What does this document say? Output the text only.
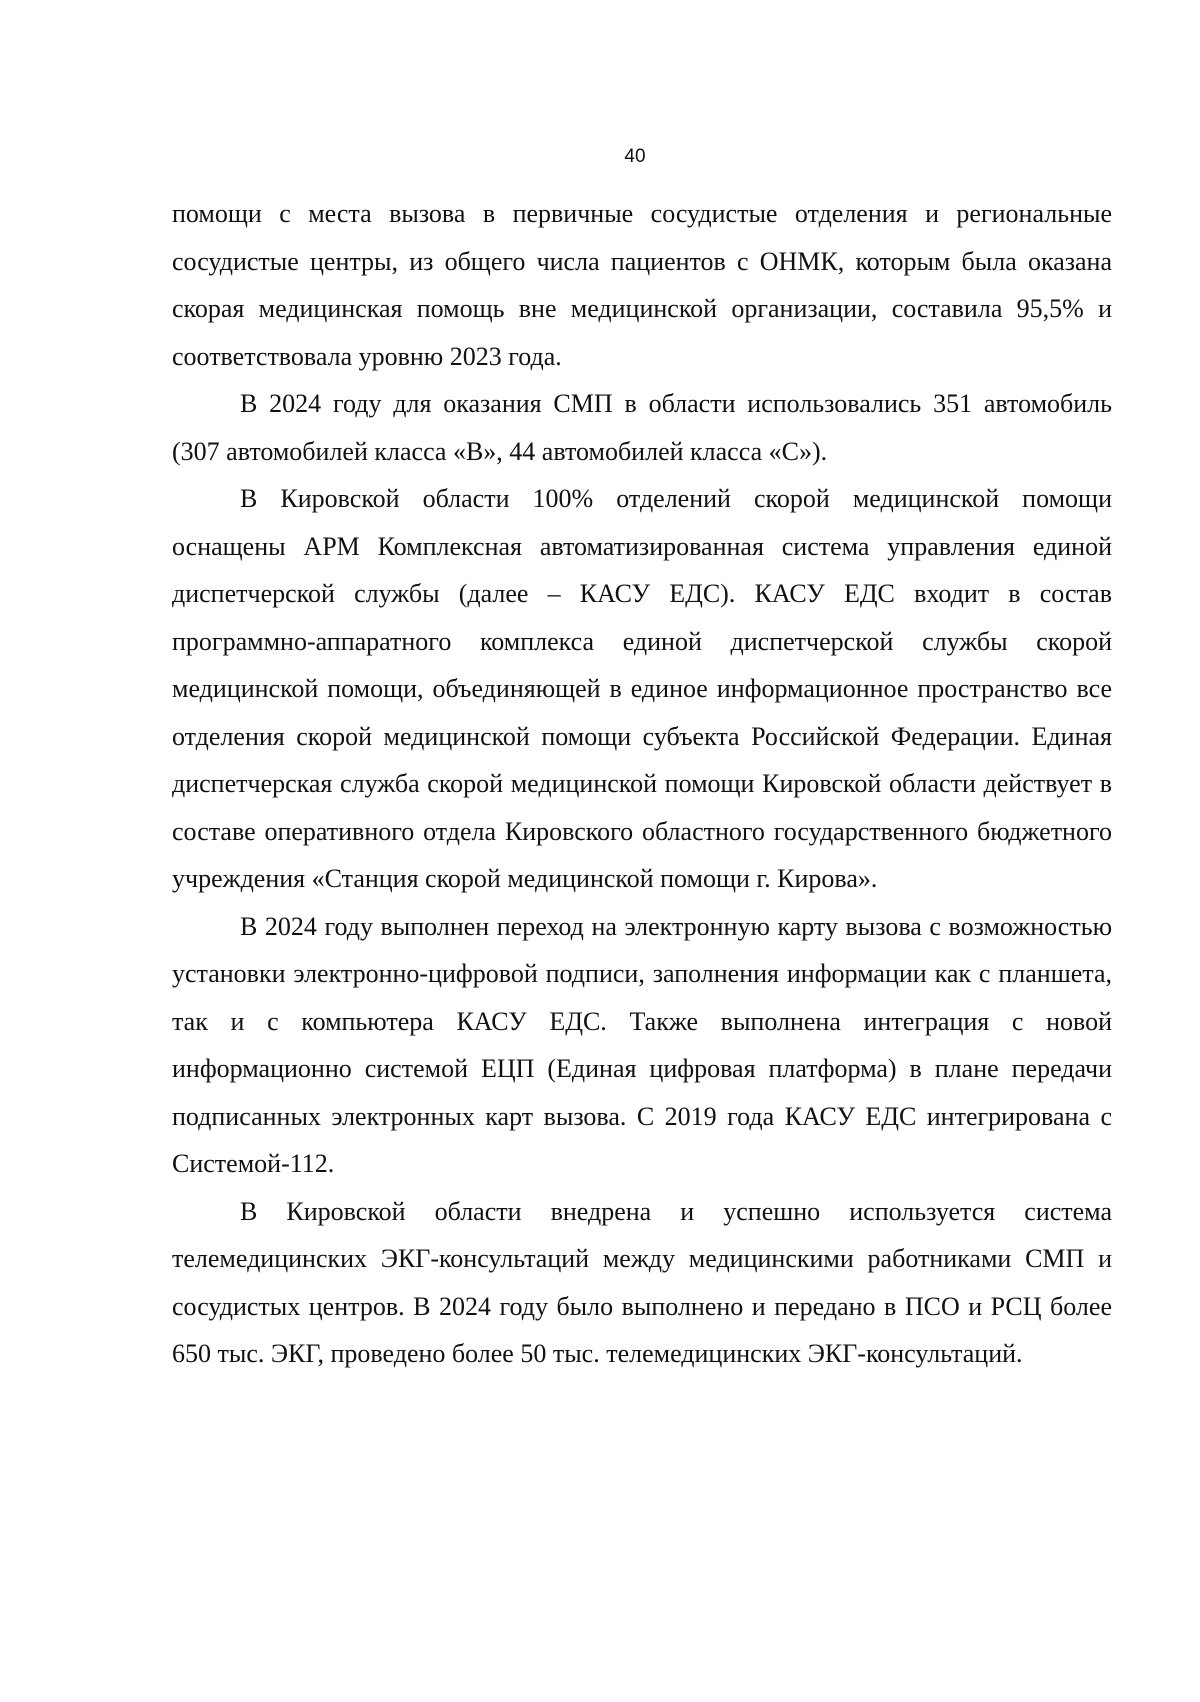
40

помощи с места вызова в первичные сосудистые отделения и региональные сосудистые центры, из общего числа пациентов с ОНМК, которым была оказана скорая медицинская помощь вне медицинской организации, составила 95,5% и соответствовала уровню 2023 года.

В 2024 году для оказания СМП в области использовались 351 автомобиль (307 автомобилей класса «В», 44 автомобилей класса «С»).

В Кировской области 100% отделений скорой медицинской помощи оснащены АРМ Комплексная автоматизированная система управления единой диспетчерской службы (далее – КАСУ ЕДС). КАСУ ЕДС входит в состав программно-аппаратного комплекса единой диспетчерской службы скорой медицинской помощи, объединяющей в единое информационное пространство все отделения скорой медицинской помощи субъекта Российской Федерации. Единая диспетчерская служба скорой медицинской помощи Кировской области действует в составе оперативного отдела Кировского областного государственного бюджетного учреждения «Станция скорой медицинской помощи г. Кирова».

В 2024 году выполнен переход на электронную карту вызова с возможностью установки электронно-цифровой подписи, заполнения информации как с планшета, так и с компьютера КАСУ ЕДС. Также выполнена интеграция с новой информационно системой ЕЦП (Единая цифровая платформа) в плане передачи подписанных электронных карт вызова. С 2019 года КАСУ ЕДС интегрирована с Системой-112.

В Кировской области внедрена и успешно используется система телемедицинских ЭКГ-консультаций между медицинскими работниками СМП и сосудистых центров. В 2024 году было выполнено и передано в ПСО и РСЦ более 650 тыс. ЭКГ, проведено более 50 тыс. телемедицинских ЭКГ-консультаций.
